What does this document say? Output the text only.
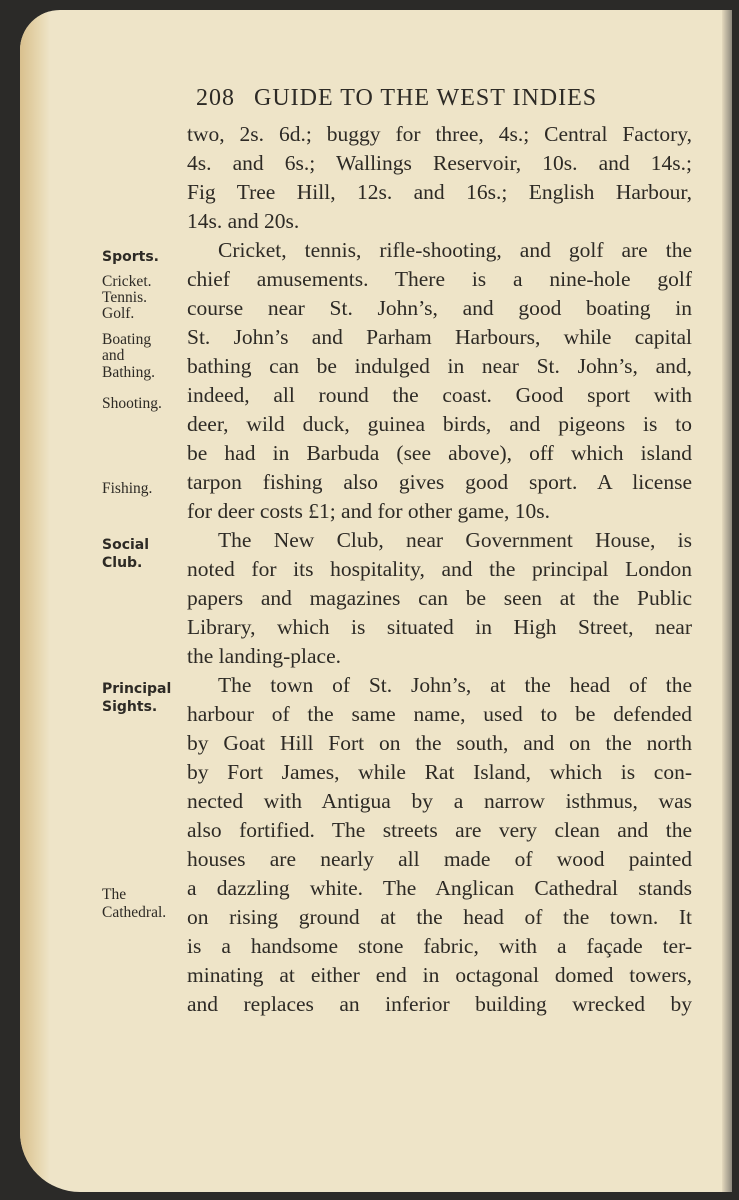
208 GUIDE TO THE WEST INDIES
Sports.
Cricket.
Tennis.
Golf.
Boating
and
Bathing.
Shooting.
Fishing.
Social
Club.
Principal
Sights.
The
Cathedral.
two, 2s. 6d.; buggy for three, 4s.; Central Factory,
4s. and 6s.; Wallings Reservoir, 10s. and 14s.;
Fig Tree Hill, 12s. and 16s.; English Harbour,
14s. and 20s.
Cricket, tennis, rifle-shooting, and golf are the
chief amusements. There is a nine-hole golf
course near St. John’s, and good boating in
St. John’s and Parham Harbours, while capital
bathing can be indulged in near St. John’s, and,
indeed, all round the coast. Good sport with
deer, wild duck, guinea birds, and pigeons is to
be had in Barbuda (see above), off which island
tarpon fishing also gives good sport. A license
for deer costs £1; and for other game, 10s.
The New Club, near Government House, is
noted for its hospitality, and the principal London
papers and magazines can be seen at the Public
Library, which is situated in High Street, near
the landing-place.
The town of St. John’s, at the head of the
harbour of the same name, used to be defended
by Goat Hill Fort on the south, and on the north
by Fort James, while Rat Island, which is con-
nected with Antigua by a narrow isthmus, was
also fortified. The streets are very clean and the
houses are nearly all made of wood painted
a dazzling white. The Anglican Cathedral stands
on rising ground at the head of the town. It
is a handsome stone fabric, with a façade ter-
minating at either end in octagonal domed towers,
and replaces an inferior building wrecked by
